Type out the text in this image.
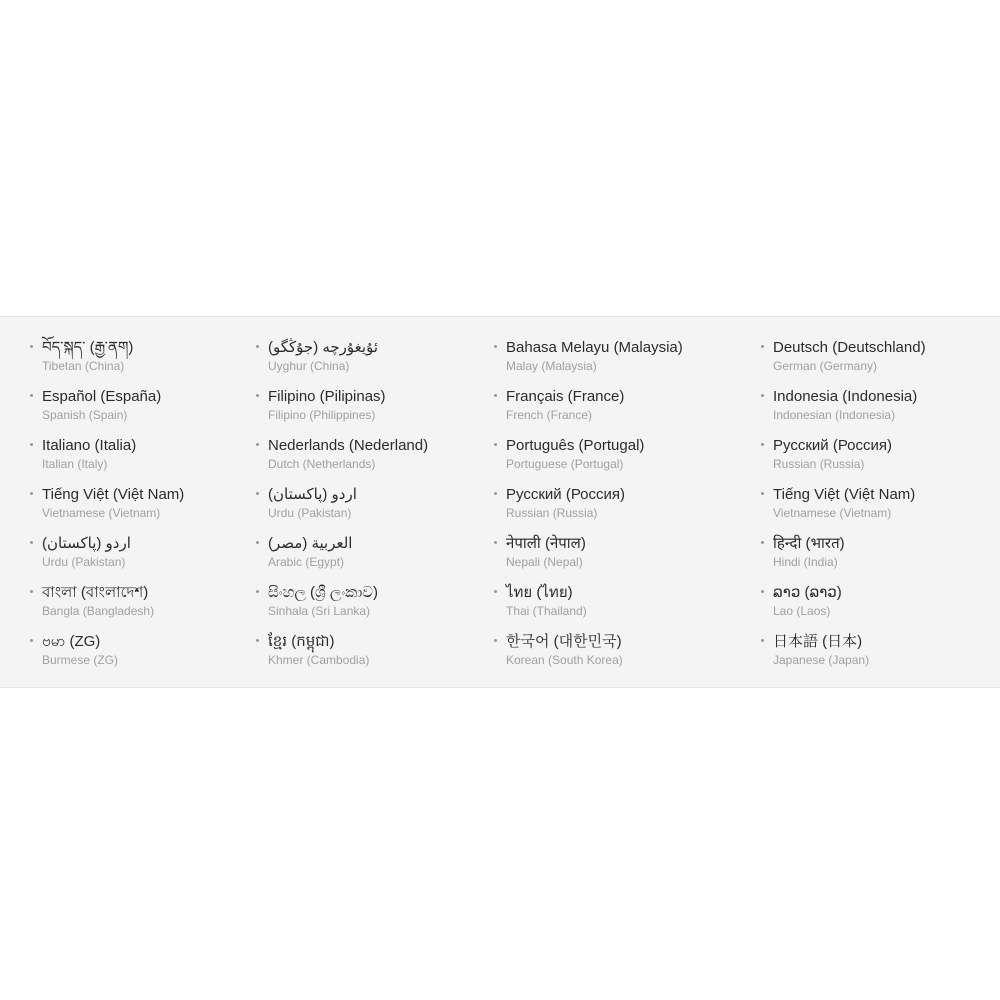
བོད་སྐད་ (རྒྱ་ནག)
Tibetan (China)
Español (España)
Spanish (Spain)
Italiano (Italia)
Italian (Italy)
Tiếng Việt (Việt Nam)
Vietnamese (Vietnam)
اردو (پاکستان)
Urdu (Pakistan)
বাংলা (বাংলাদেশ)
Bangla (Bangladesh)
ဗမာ (ZG)
Burmese (ZG)
ئۇيغۇرچە (جۇڭگو)
Uyghur (China)
Filipino (Pilipinas)
Filipino (Philippines)
Nederlands (Nederland)
Dutch (Netherlands)
اردو (پاکستان)
Urdu (Pakistan)
العربية (مصر)
Arabic (Egypt)
සිංහල (ශ්‍රී ලංකාව)
Sinhala (Sri Lanka)
ខ្មែរ (កម្ពុជា)
Khmer (Cambodia)
Bahasa Melayu (Malaysia)
Malay (Malaysia)
Français (France)
French (France)
Português (Portugal)
Portuguese (Portugal)
Русский (Россия)
Russian (Russia)
नेपाली (नेपाल)
Nepali (Nepal)
ไทย (ไทย)
Thai (Thailand)
한국어 (대한민국)
Korean (South Korea)
Deutsch (Deutschland)
German (Germany)
Indonesia (Indonesia)
Indonesian (Indonesia)
Русский (Россия)
Russian (Russia)
Tiếng Việt (Việt Nam)
Vietnamese (Vietnam)
हिन्दी (भारत)
Hindi (India)
ລາວ (ລາວ)
Lao (Laos)
日本語 (日本)
Japanese (Japan)
